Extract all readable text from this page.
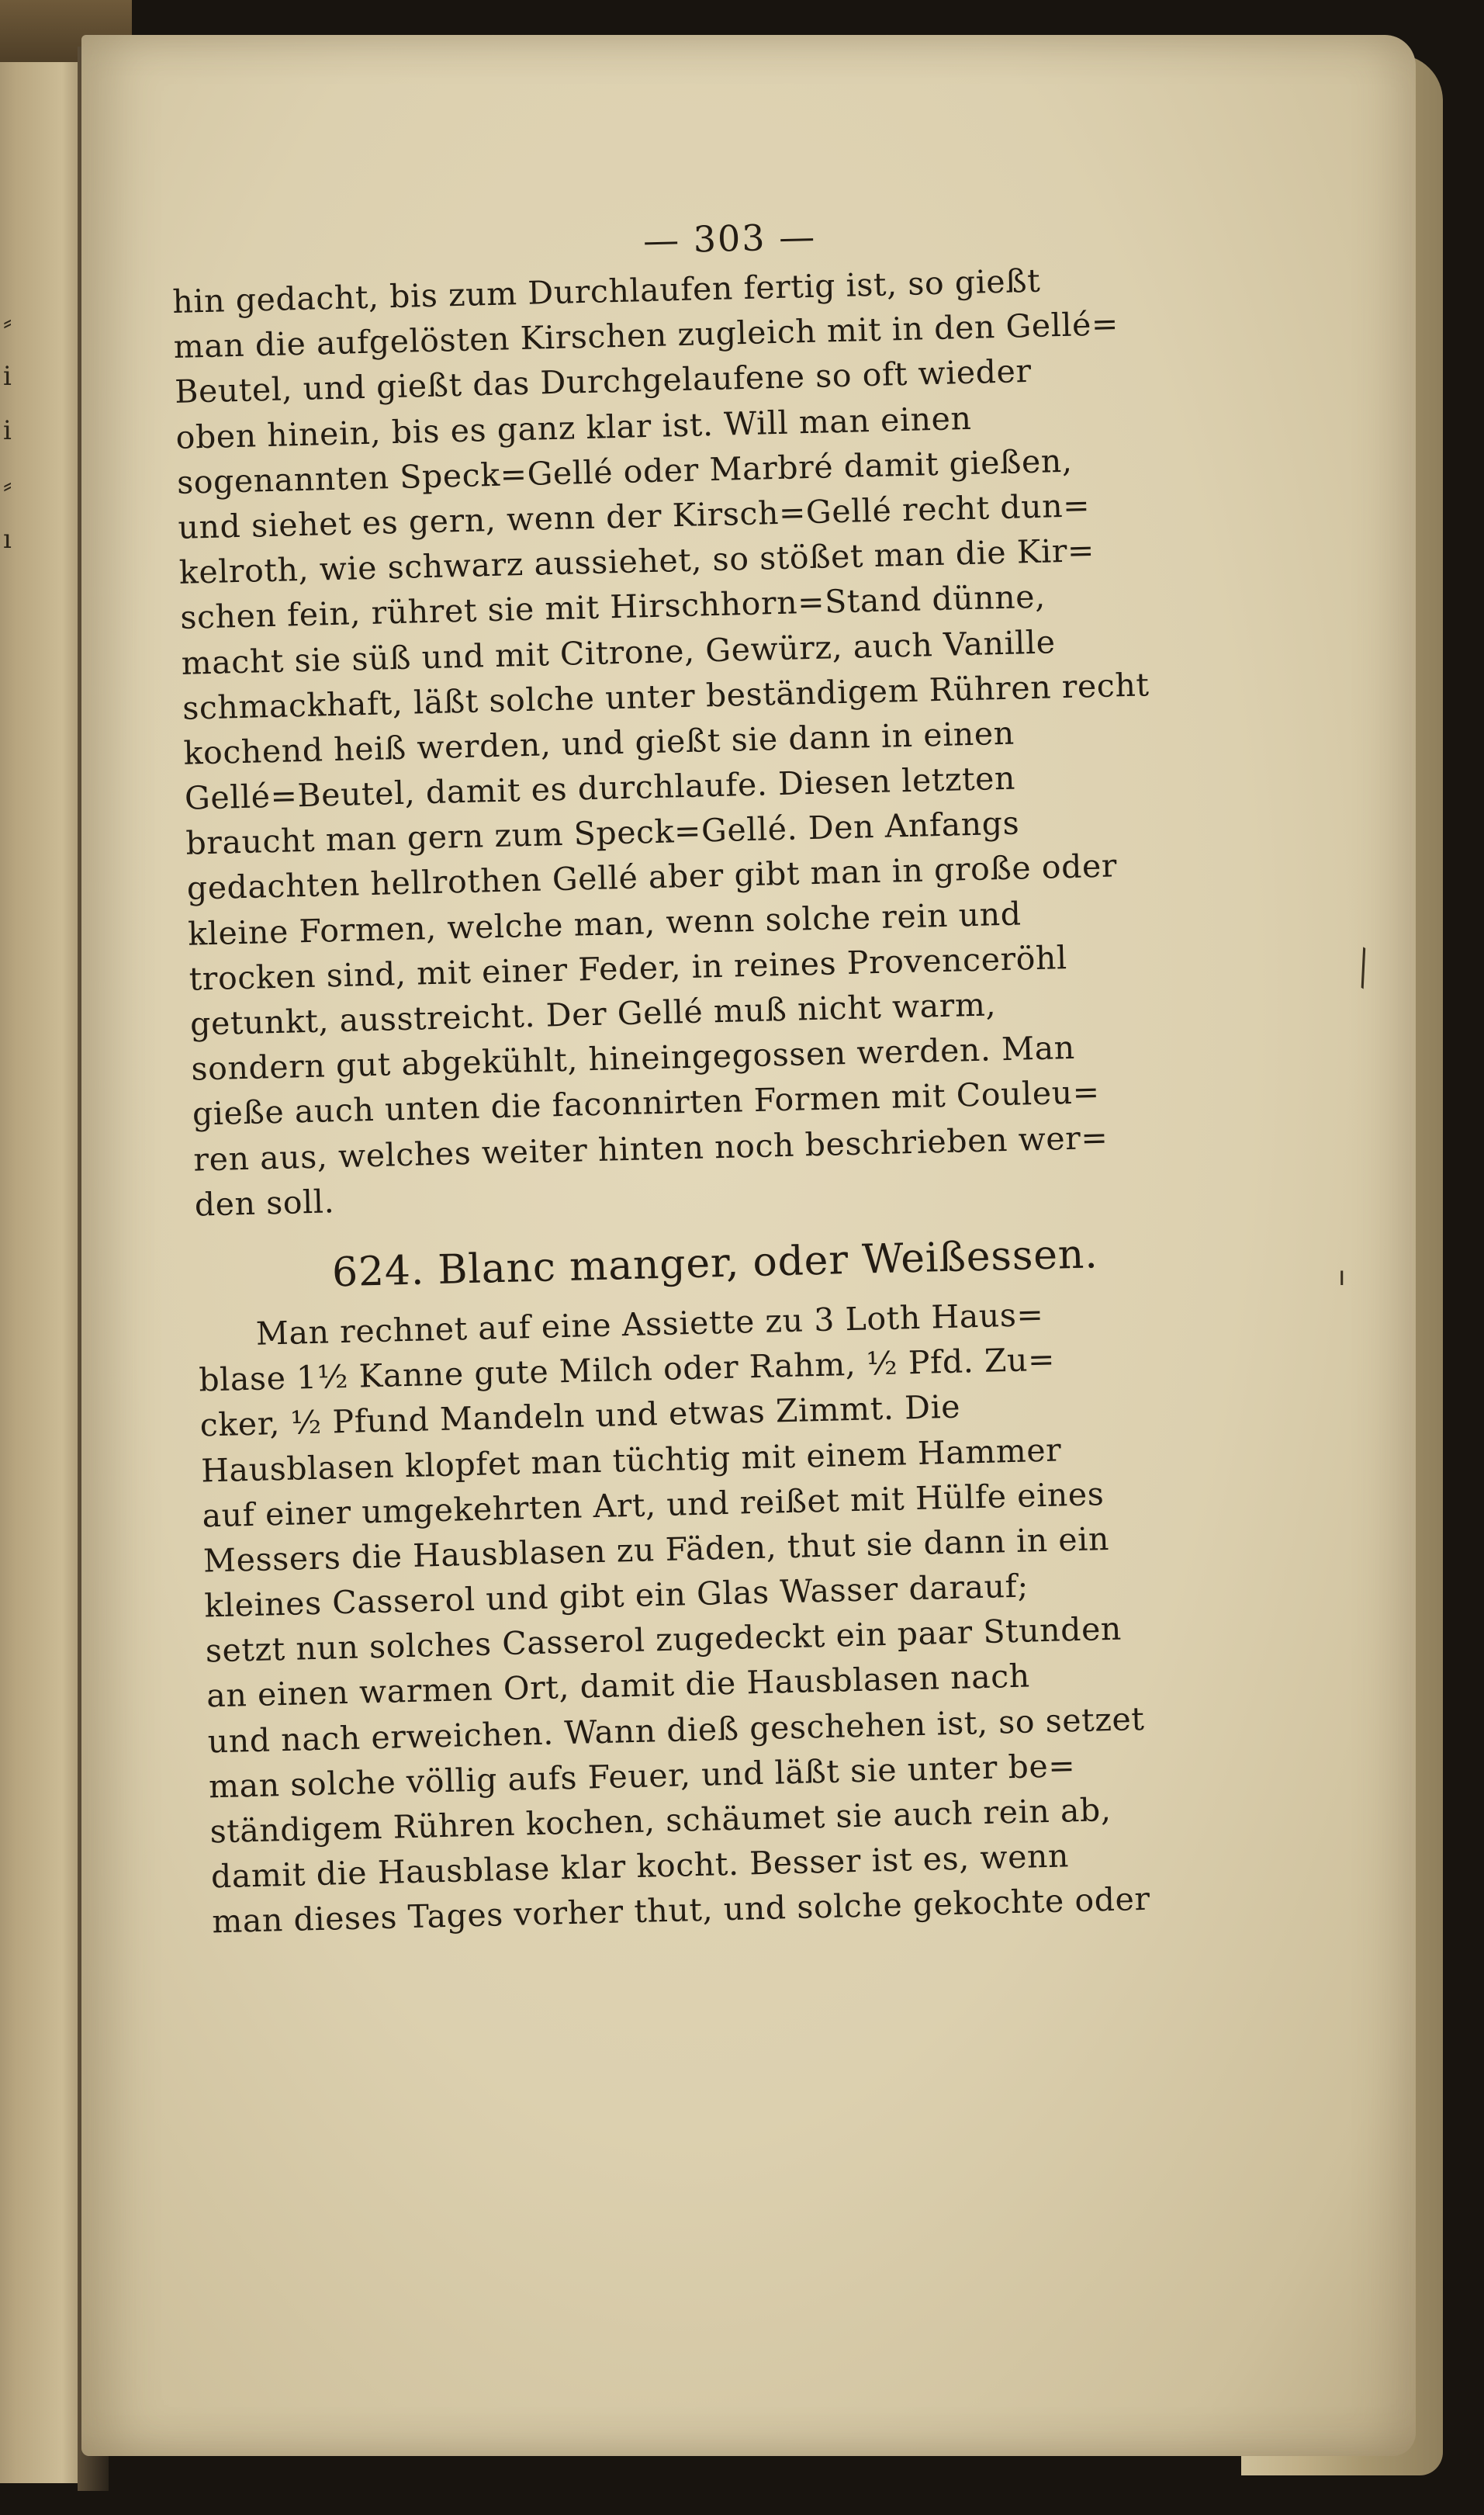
⸗
i
i
⸗
ı
— 303 —
hin gedacht, bis zum Durchlaufen fertig ist, so gießt
man die aufgelösten Kirschen zugleich mit in den Gellé=
Beutel, und gießt das Durchgelaufene so oft wieder
oben hinein, bis es ganz klar ist. Will man einen
sogenannten Speck=Gellé oder Marbré damit gießen,
und siehet es gern, wenn der Kirsch=Gellé recht dun=
kelroth, wie schwarz aussiehet, so stößet man die Kir=
schen fein, rühret sie mit Hirschhorn=Stand dünne,
macht sie süß und mit Citrone, Gewürz, auch Vanille
schmackhaft, läßt solche unter beständigem Rühren recht
kochend heiß werden, und gießt sie dann in einen
Gellé=Beutel, damit es durchlaufe. Diesen letzten
braucht man gern zum Speck=Gellé. Den Anfangs
gedachten hellrothen Gellé aber gibt man in große oder
kleine Formen, welche man, wenn solche rein und
trocken sind, mit einer Feder, in reines Provenceröhl
getunkt, ausstreicht. Der Gellé muß nicht warm,
sondern gut abgekühlt, hineingegossen werden. Man
gieße auch unten die faconnirten Formen mit Couleu=
ren aus, welches weiter hinten noch beschrieben wer=
den soll.
624. Blanc manger, oder Weißessen.
Man rechnet auf eine Assiette zu 3 Loth Haus=
blase 1½ Kanne gute Milch oder Rahm, ½ Pfd. Zu=
cker, ½ Pfund Mandeln und etwas Zimmt. Die
Hausblasen klopfet man tüchtig mit einem Hammer
auf einer umgekehrten Art, und reißet mit Hülfe eines
Messers die Hausblasen zu Fäden, thut sie dann in ein
kleines Casserol und gibt ein Glas Wasser darauf;
setzt nun solches Casserol zugedeckt ein paar Stunden
an einen warmen Ort, damit die Hausblasen nach
und nach erweichen. Wann dieß geschehen ist, so setzet
man solche völlig aufs Feuer, und läßt sie unter be=
ständigem Rühren kochen, schäumet sie auch rein ab,
damit die Hausblase klar kocht. Besser ist es, wenn
man dieses Tages vorher thut, und solche gekochte oder
╲
ı
